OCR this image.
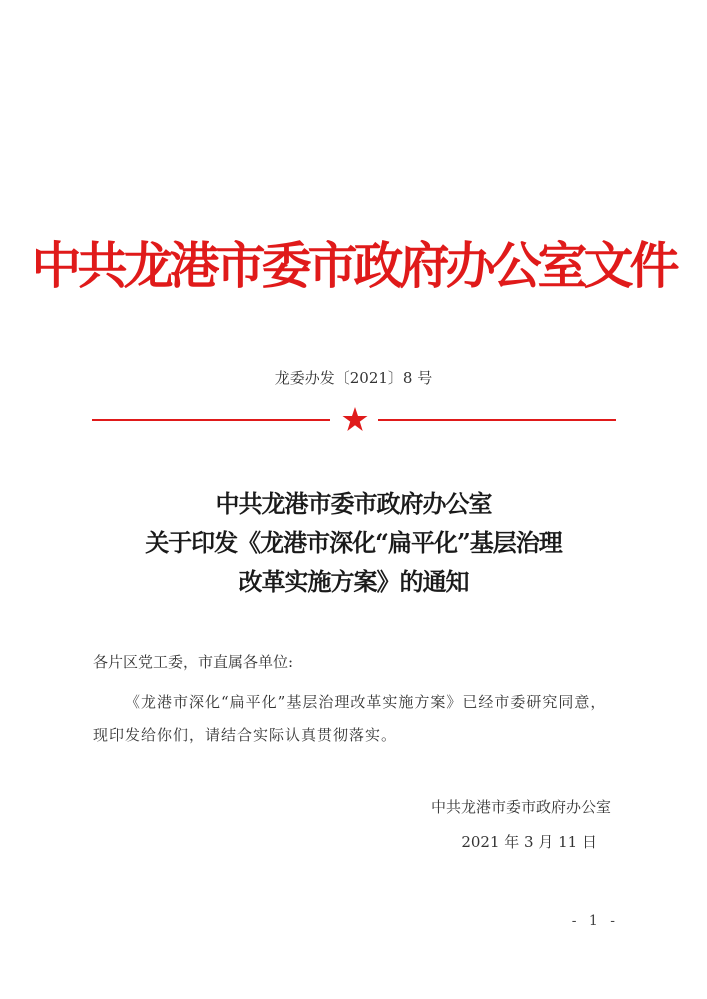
中共龙港市委市政府办公室文件
龙委办发〔2021〕8 号
中共龙港市委市政府办公室
关于印发《龙港市深化“扁平化”基层治理
改革实施方案》的通知
各片区党工委，市直属各单位:
《龙港市深化“扁平化”基层治理改革实施方案》已经市委研究同意，现印发给你们，请结合实际认真贯彻落实。
中共龙港市委市政府办公室
2021 年 3 月 11 日
- 1 -
